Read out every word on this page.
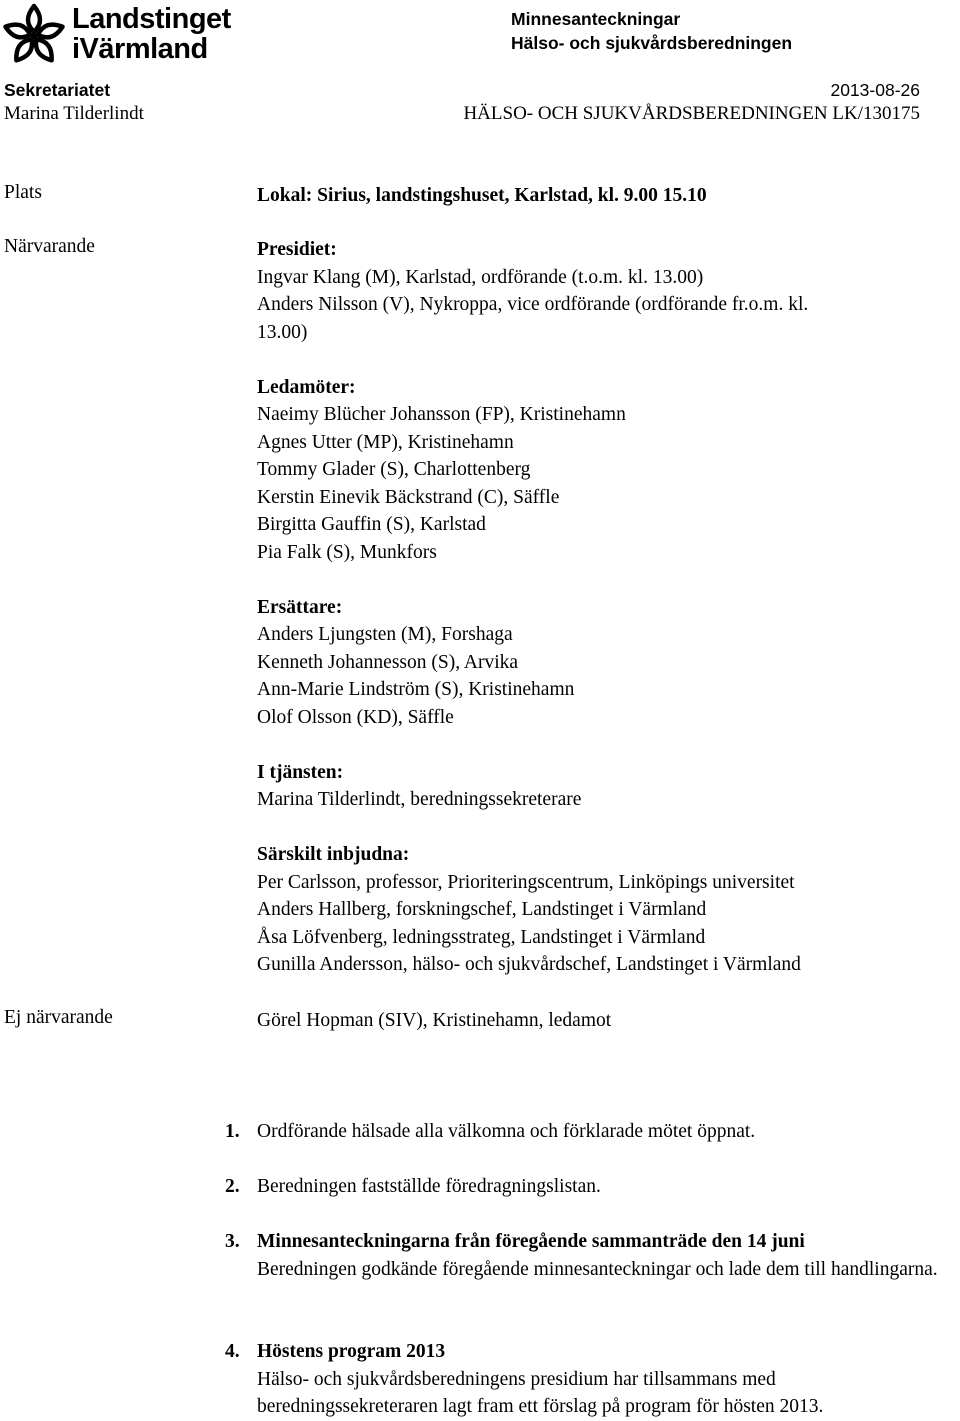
Landstinget
iVärmland
Minnesanteckningar
Hälso- och sjukvårdsberedningen
Sekretariatet	2013-08-26
Marina Tilderlindt	HÄLSO- OCH SJUKVÅRDSBEREDNINGEN LK/130175
Plats	Lokal: Sirius, landstingshuset, Karlstad, kl. 9.00 15.10
Närvarande	Presidiet:

Ingvar Klang (M), Karlstad, ordförande (t.o.m. kl. 13.00)

Anders Nilsson (V), Nykroppa, vice ordförande (ordförande fr.o.m. kl. 13.00)

Ledamöter:

Naeimy Blücher Johansson (FP), Kristinehamn

Agnes Utter (MP), Kristinehamn

Tommy Glader (S), Charlottenberg

Kerstin Einevik Bäckstrand (C), Säffle

Birgitta Gauffin (S), Karlstad

Pia Falk (S), Munkfors

Ersättare:

Anders Ljungsten (M), Forshaga

Kenneth Johannesson (S), Arvika

Ann-Marie Lindström (S), Kristinehamn

Olof Olsson (KD), Säffle

I tjänsten:

Marina Tilderlindt, beredningssekreterare

Särskilt inbjudna:

Per Carlsson, professor, Prioriteringscentrum, Linköpings universitet

Anders Hallberg, forskningschef, Landstinget i Värmland

Åsa Löfvenberg, ledningsstrateg, Landstinget i Värmland

Gunilla Andersson, hälso- och sjukvårdschef, Landstinget i Värmland

Ej närvarande	Görel Hopman (SIV), Kristinehamn, ledamot
1. Ordförande hälsade alla välkomna och förklarade mötet öppnat.
2. Beredningen fastställde föredragningslistan.
3. Minnesanteckningarna från föregående sammanträde den 14 juni

Beredningen godkände föregående minnesanteckningar och lade dem till handlingarna.

4. Höstens program 2013

Hälso- och sjukvårdsberedningens presidium har tillsammans med beredningssekreteraren lagt fram ett förslag på program för hösten 2013.
